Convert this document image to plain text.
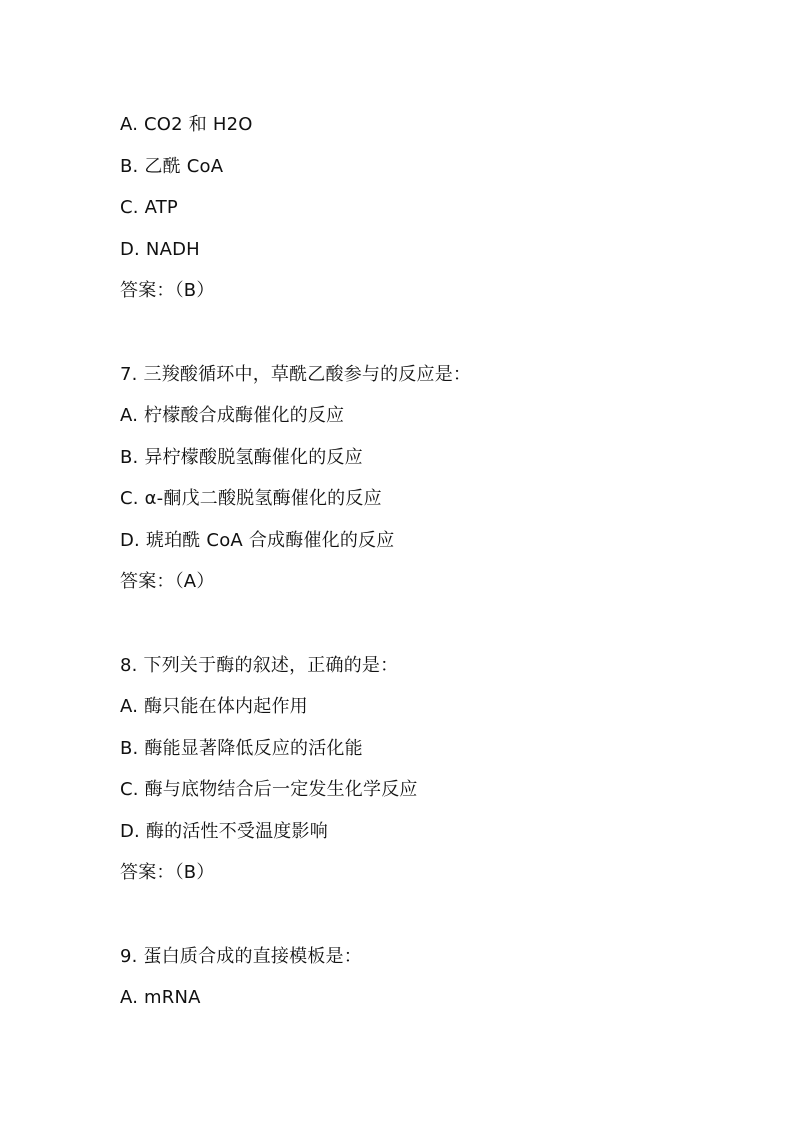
A. CO2 和 H2O
B. 乙酰 CoA
C. ATP
D. NADH
答案：（B）
7. 三羧酸循环中，草酰乙酸参与的反应是：
A. 柠檬酸合成酶催化的反应
B. 异柠檬酸脱氢酶催化的反应
C. α-酮戊二酸脱氢酶催化的反应
D. 琥珀酰 CoA 合成酶催化的反应
答案：（A）
8. 下列关于酶的叙述，正确的是：
A. 酶只能在体内起作用
B. 酶能显著降低反应的活化能
C. 酶与底物结合后一定发生化学反应
D. 酶的活性不受温度影响
答案：（B）
9. 蛋白质合成的直接模板是：
A. mRNA
